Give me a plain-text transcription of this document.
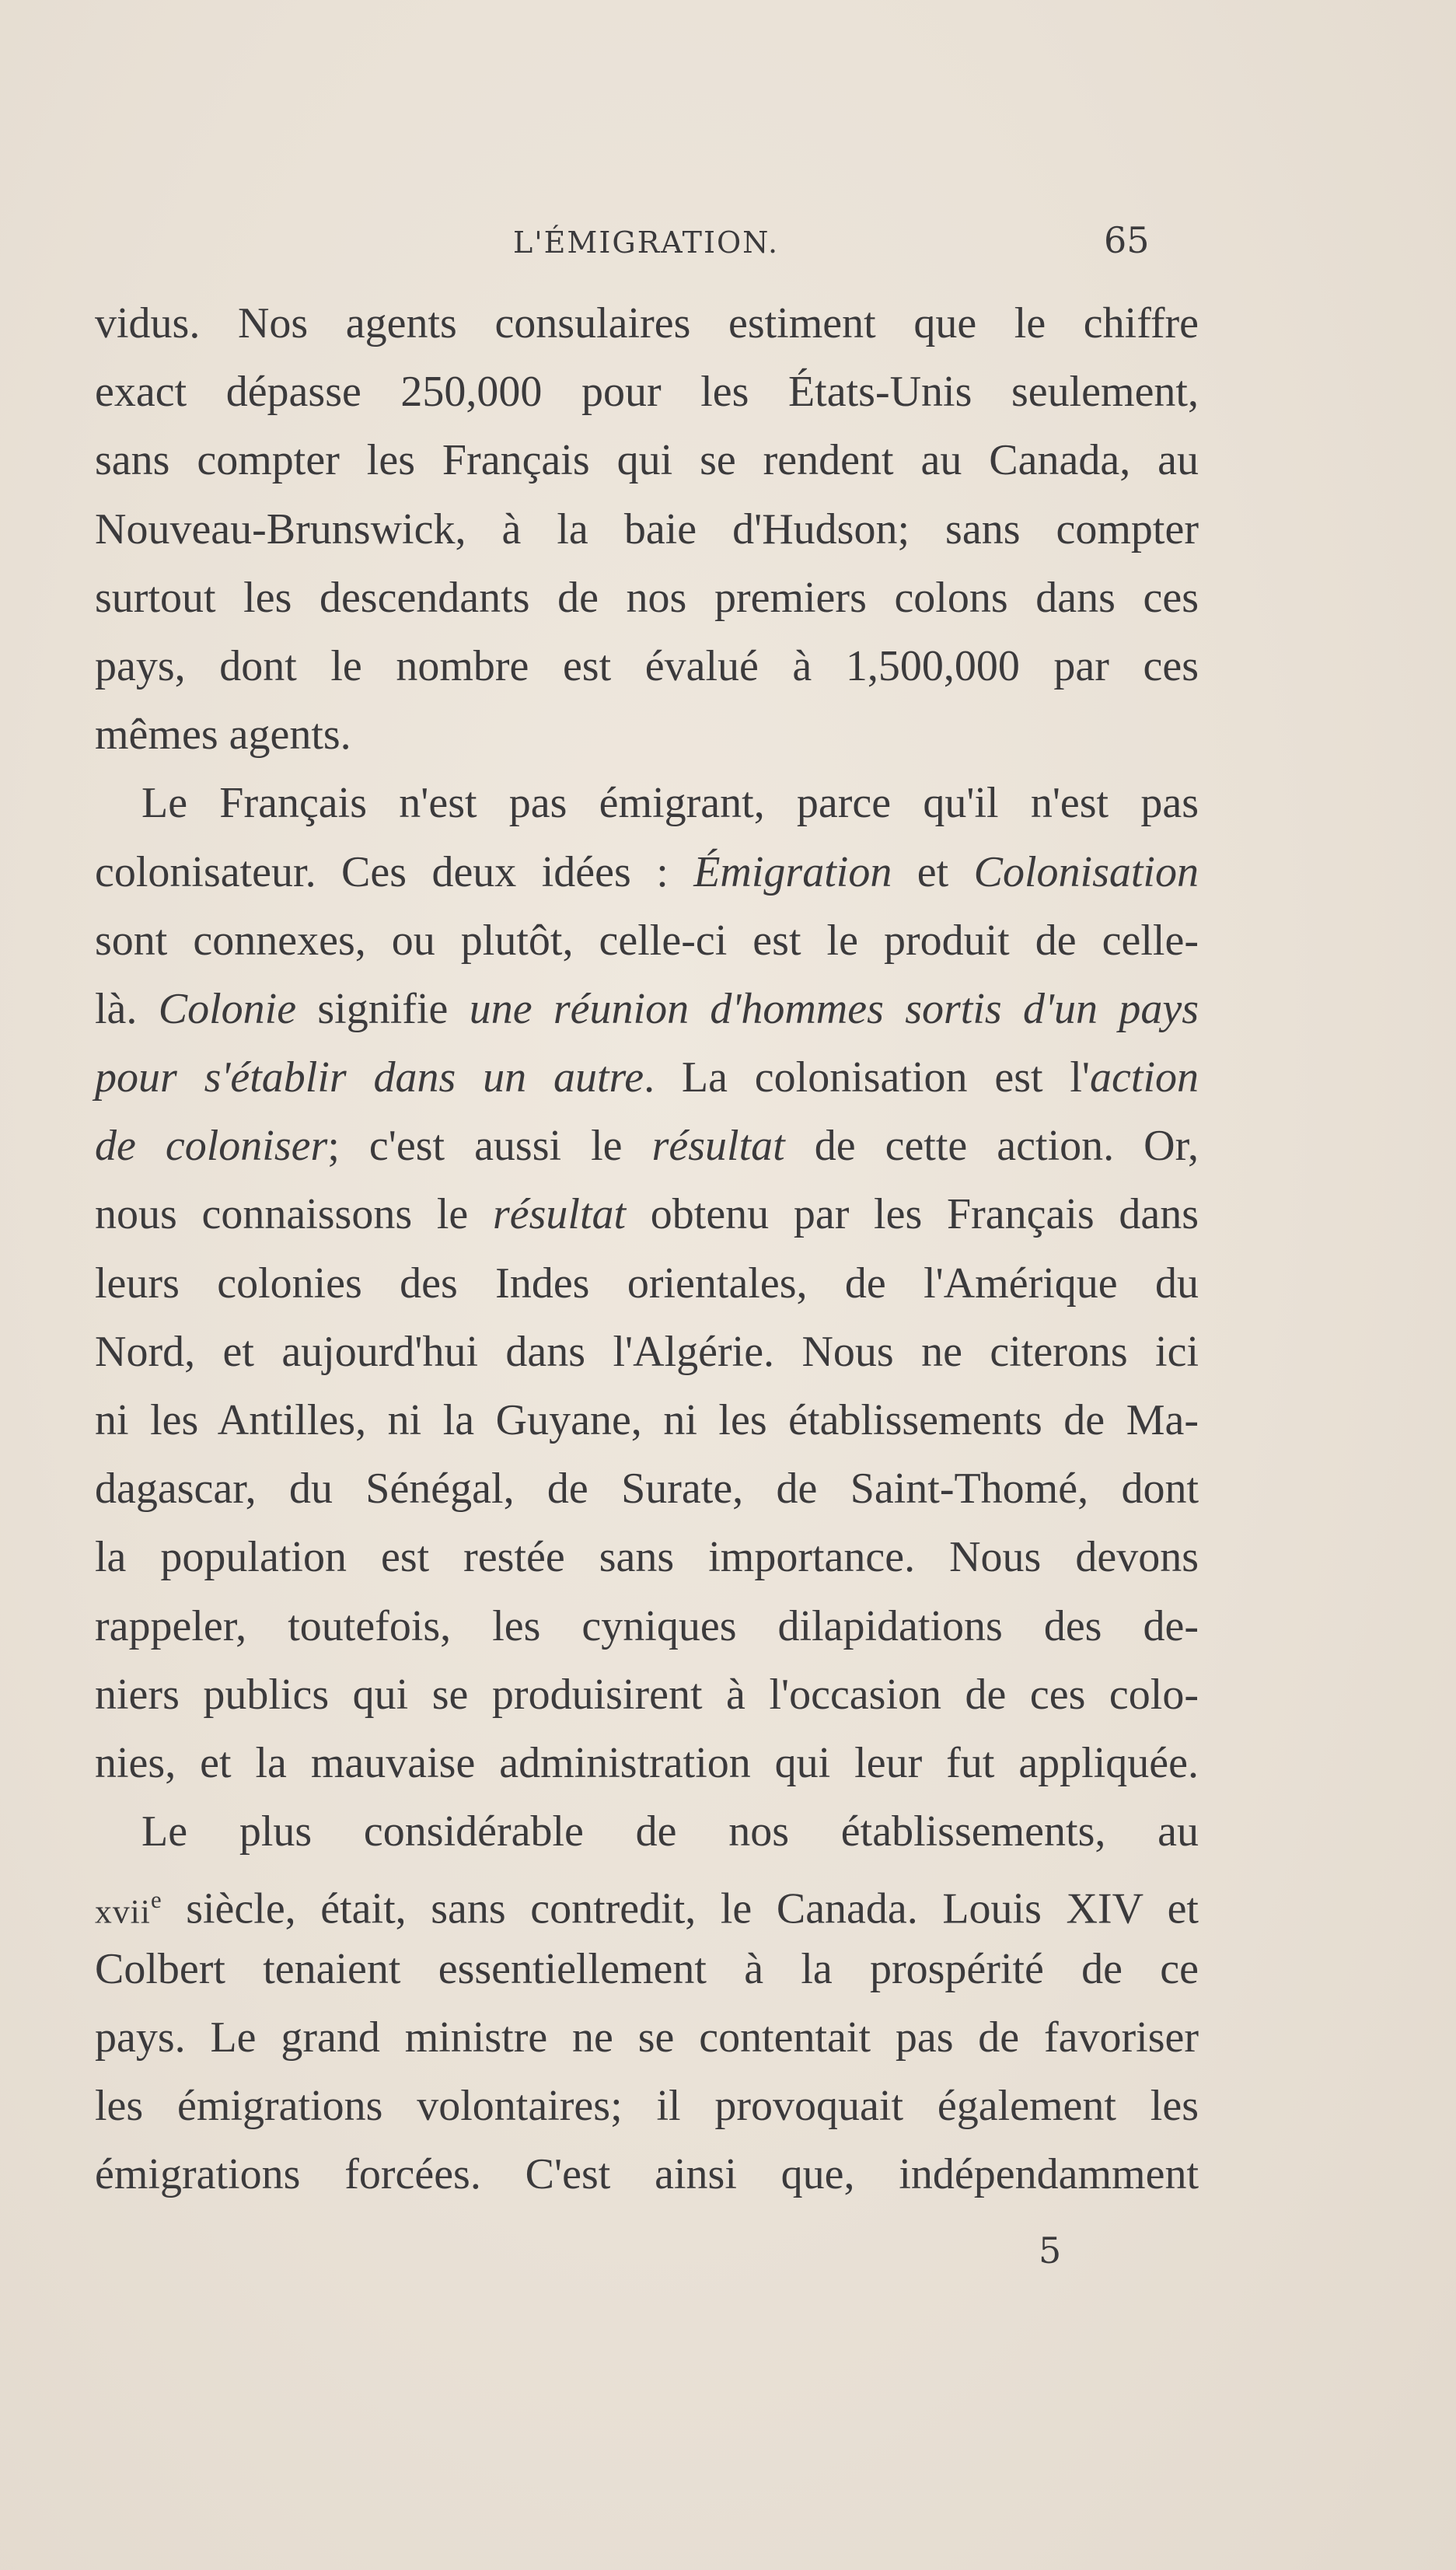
L'ÉMIGRATION.	65
vidus. Nos agents consulaires estiment que le chiffre
exact dépasse 250,000 pour les États-Unis seulement,
sans compter les Français qui se rendent au Canada, au
Nouveau-Brunswick, à la baie d'Hudson; sans compter
surtout les descendants de nos premiers colons dans ces
pays, dont le nombre est évalué à 1,500,000 par ces
mêmes agents.
Le Français n'est pas émigrant, parce qu'il n'est pas
colonisateur. Ces deux idées : Émigration et Colonisation
sont connexes, ou plutôt, celle-ci est le produit de celle-
là. Colonie signifie une réunion d'hommes sortis d'un pays
pour s'établir dans un autre. La colonisation est l'action
de coloniser; c'est aussi le résultat de cette action. Or,
nous connaissons le résultat obtenu par les Français dans
leurs colonies des Indes orientales, de l'Amérique du
Nord, et aujourd'hui dans l'Algérie. Nous ne citerons ici
ni les Antilles, ni la Guyane, ni les établissements de Ma-
dagascar, du Sénégal, de Surate, de Saint-Thomé, dont
la population est restée sans importance. Nous devons
rappeler, toutefois, les cyniques dilapidations des de-
niers publics qui se produisirent à l'occasion de ces colo-
nies, et la mauvaise administration qui leur fut appliquée.
Le plus considérable de nos établissements, au
xvii$^e$ siècle, était, sans contredit, le Canada. Louis XIV et
Colbert tenaient essentiellement à la prospérité de ce
pays. Le grand ministre ne se contentait pas de favoriser
les émigrations volontaires; il provoquait également les
émigrations forcées. C'est ainsi que, indépendamment
5
